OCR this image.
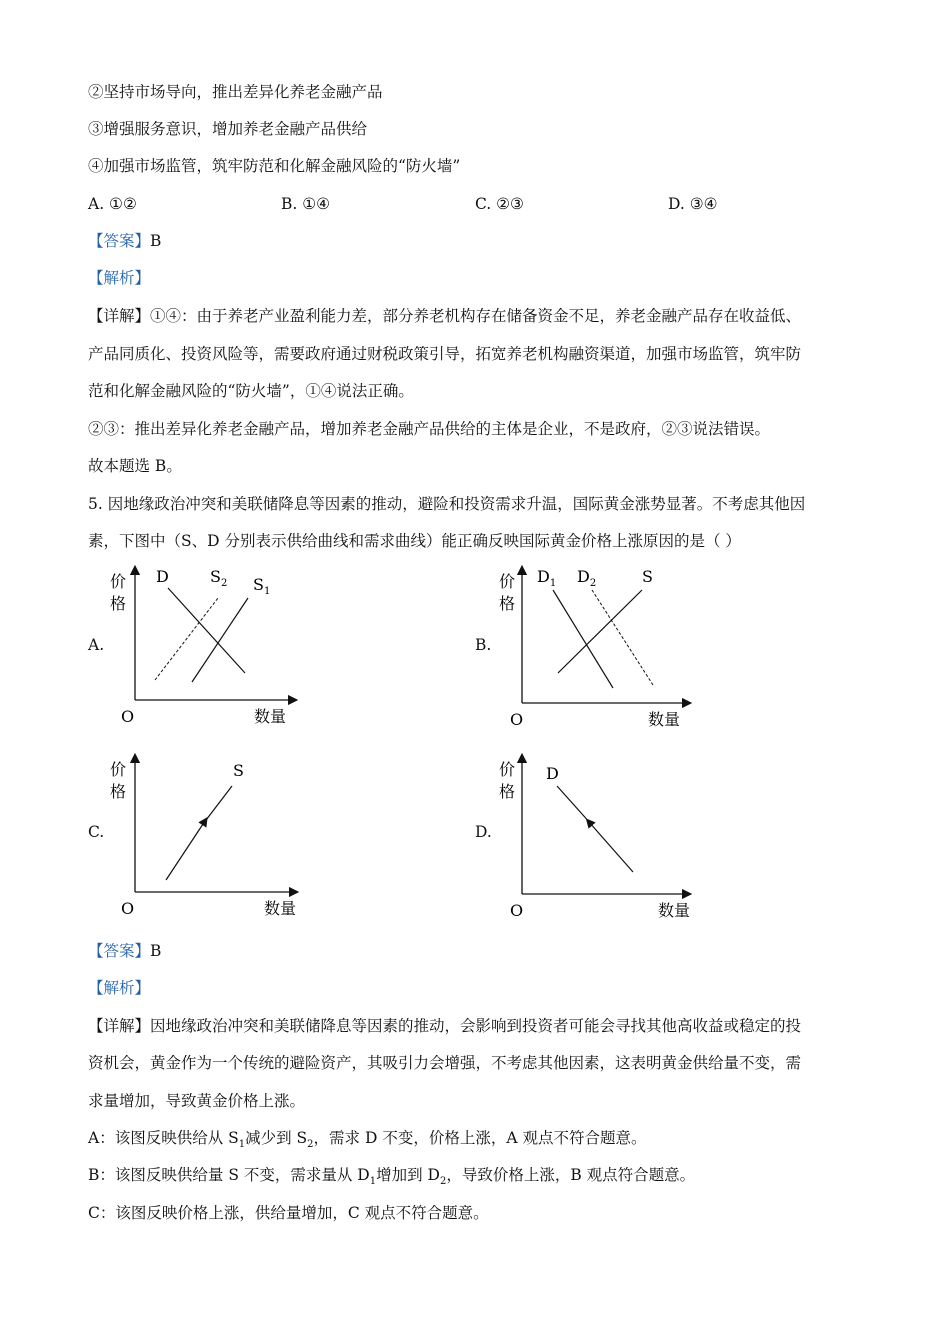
②坚持市场导向，推出差异化养老金融产品
③增强服务意识，增加养老金融产品供给
④加强市场监管，筑牢防范和化解金融风险的“防火墙”
A. ①②	B. ①④	C. ②③	D. ③④
【答案】B
【解析】
【详解】①④：由于养老产业盈利能力差，部分养老机构存在储备资金不足，养老金融产品存在收益低、
产品同质化、投资风险等，需要政府通过财税政策引导，拓宽养老机构融资渠道，加强市场监管，筑牢防
范和化解金融风险的“防火墙”，①④说法正确。
②③：推出差异化养老金融产品，增加养老金融产品供给的主体是企业，不是政府，②③说法错误。
故本题选 B。
5. 因地缘政治冲突和美联储降息等因素的推动，避险和投资需求升温，国际黄金涨势显著。不考虑其他因
素，下图中（S、D 分别表示供给曲线和需求曲线）能正确反映国际黄金价格上涨原因的是（ ）
A.	B.
C.	D.
价
格
O	数量
D	$S_2$ $S_1$
价
格
O	数量
$D_1$ $D_2$	S
价
格
O	数量
S	价
格
O	数量
D
【答案】B
【解析】
【详解】因地缘政治冲突和美联储降息等因素的推动，会影响到投资者可能会寻找其他高收益或稳定的投
资机会，黄金作为一个传统的避险资产，其吸引力会增强，不考虑其他因素，这表明黄金供给量不变，需
求量增加，导致黄金价格上涨。
A：该图反映供给从 $S_1$减少到 $S_2$，需求 D 不变，价格上涨，A 观点不符合题意。
B：该图反映供给量 S 不变，需求量从 $D_1$增加到 $D_2$，导致价格上涨，B 观点符合题意。
C：该图反映价格上涨，供给量增加，C 观点不符合题意。
